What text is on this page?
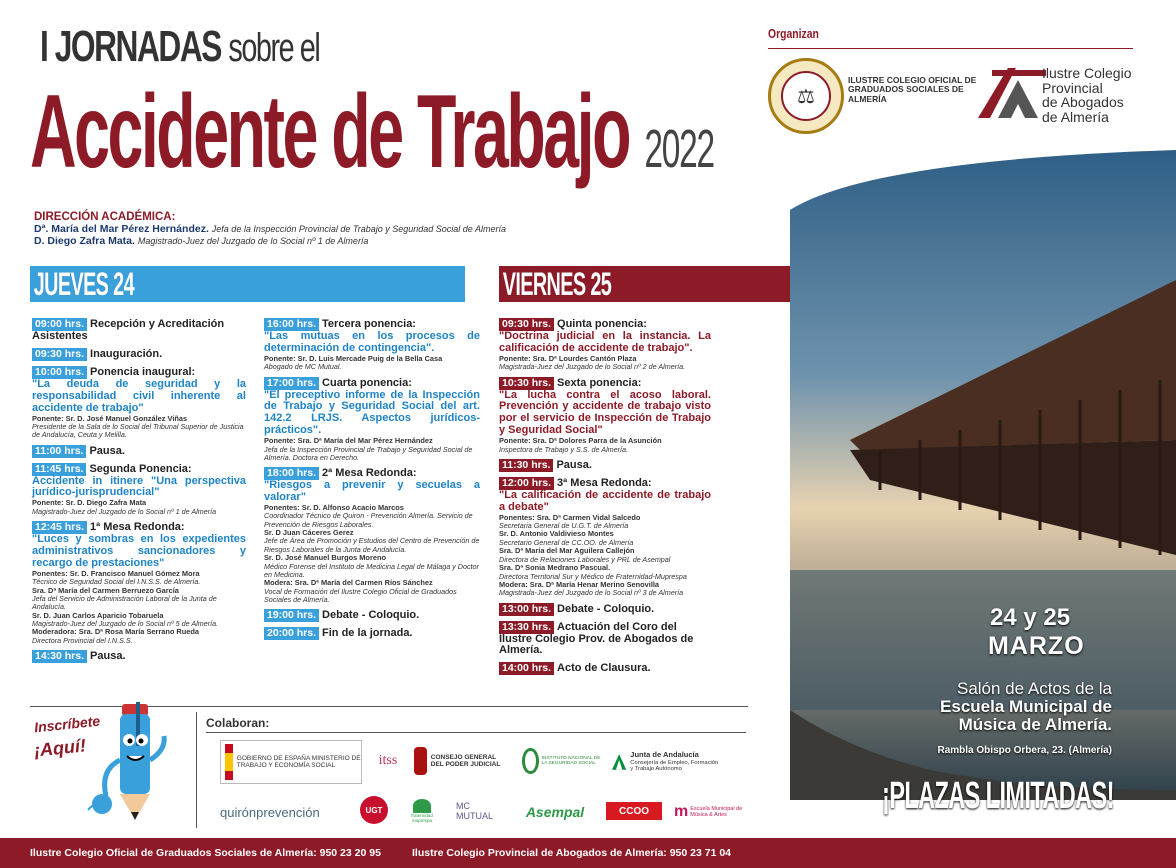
I JORNADAS sobre el
Accidente de Trabajo 2022
DIRECCIÓN ACADÉMICA:
Dª. María del Mar Pérez Hernández. Jefa de la Inspección Provincial de Trabajo y Seguridad Social de Almería
D. Diego Zafra Mata. Magistrado-Juez del Juzgado de lo Social nº 1 de Almería
Organizan
⚖
ILUSTRE COLEGIO OFICIAL DE GRADUADOS SOCIALES DE ALMERÍA
Ilustre Colegio
Provincial
de Abogados
de Almería
JUEVES 24	VIERNES 25
09:00 hrs. Recepción y Acreditación Asistentes
09:30 hrs. Inauguración.
10:00 hrs. Ponencia inaugural:
"La deuda de seguridad y la responsabilidad civil inherente al accidente de trabajo"
Ponente: Sr. D. José Manuel González Viñas
Presidente de la Sala de lo Social del Tribunal Superior de Justicia de Andalucía, Ceuta y Melilla.
11:00 hrs. Pausa.
11:45 hrs. Segunda Ponencia:
Accidente in itinere "Una perspectiva jurídico-jurisprudencial"
Ponente: Sr. D. Diego Zafra Mata
Magistrado-Juez del Juzgado de lo Social nº 1 de Almería
12:45 hrs. 1ª Mesa Redonda:
"Luces y sombras en los expedientes administrativos sancionadores y recargo de prestaciones"
Ponentes: Sr. D. Francisco Manuel Gómez Mora
Técnico de Seguridad Social del I.N.S.S. de Almería.
Sra. Dª María del Carmen Berruezo García
Jefa del Servicio de Administración Laboral de la Junta de Andalucía.
Sr. D. Juan Carlos Aparicio Tobaruela
Magistrado-Juez del Juzgado de lo Social nº 5 de Almería.
Moderadora: Sra. Dª Rosa María Serrano Rueda
Directora Provincial del I.N.S.S.
14:30 hrs. Pausa.
16:00 hrs. Tercera ponencia:
"Las mutuas en los procesos de determinación de contingencia".
Ponente: Sr. D. Luis Mercade Puig de la Bella Casa
Abogado de MC Mutual.
17:00 hrs. Cuarta ponencia:
"El preceptivo informe de la Inspección de Trabajo y Seguridad Social del art. 142.2 LRJS. Aspectos jurídicos-prácticos".
Ponente: Sra. Dª María del Mar Pérez Hernández
Jefa de la Inspección Provincial de Trabajo y Seguridad Social de Almería. Doctora en Derecho.
18:00 hrs. 2ª Mesa Redonda:
"Riesgos a prevenir y secuelas a valorar"
Ponentes: Sr. D. Alfonso Acacio Marcos
Coordinador Técnico de Quiron - Prevención Almería. Servicio de Prevención de Riesgos Laborales.
Sr. D Juan Cáceres Gerez
Jefe de Área de Promoción y Estudios del Centro de Prevención de Riesgos Laborales de la Junta de Andalucía.
Sr. D. José Manuel Burgos Moreno
Médico Forense del Instituto de Medicina Legal de Málaga y Doctor en Medicina.
Modera: Sra. Dª María del Carmen Ríos Sánchez
Vocal de Formación del Ilustre Colegio Oficial de Graduados Sociales de Almería.
19:00 hrs. Debate - Coloquio.
20:00 hrs. Fin de la jornada.
09:30 hrs. Quinta ponencia:
"Doctrina judicial en la instancia. La calificación de accidente de trabajo".
Ponente: Sra. Dª Lourdes Cantón Plaza
Magistrada-Juez del Juzgado de lo Social nº 2 de Almería.
10:30 hrs. Sexta ponencia:
"La lucha contra el acoso laboral. Prevención y accidente de trabajo visto por el servicio de Inspección de Trabajo y Seguridad Social"
Ponente: Sra. Dª Dolores Parra de la Asunción
Inspectora de Trabajo y S.S. de Almería.
11:30 hrs. Pausa.
12:00 hrs. 3ª Mesa Redonda:
"La calificación de accidente de trabajo a debate"
Ponentes: Sra. Dª Carmen Vidal Salcedo
Secretaria General de U.G.T. de Almería
Sr. D. Antonio Valdivieso Montes
Secretario General de CC.OO. de Almería
Sra. Dª María del Mar Aguilera Callejón
Directora de Relaciones Laborales y PRL de Asempal
Sra. Dª Sonia Medrano Pascual.
Directora Territorial Sur y Médico de Fraternidad-Muprespa
Modera: Sra. Dª María Henar Merino Senovilla
Magistrada-Juez del Juzgado de lo Social nº 3 de Almería
13:00 hrs. Debate - Coloquio.
13:30 hrs. Actuación del Coro del Ilustre Colegio Prov. de Abogados de Almería.
14:00 hrs. Acto de Clausura.
24 y 25
MARZO
Salón de Actos de la
Escuela Municipal de
Música de Almería.
Rambla Obispo Orbera, 23. (Almería)
¡PLAZAS LIMITADAS!
Inscríbete
¡Aquí!
Colaboran:
GOBIERNO DE ESPAÑA MINISTERIO DE TRABAJO Y ECONOMÍA SOCIAL	itss	CONSEJO GENERAL DEL PODER JUDICIAL
INSTITUTO NACIONAL DE LA SEGURIDAD SOCIAL
Junta de Andalucía
Consejería de Empleo, Formación y Trabajo Autónomo
quirónprevención	UGT
fraternidad muprespa
MC MUTUAL	Asempal	CCOO m Escuela Municipal de Música & Artes
Ilustre Colegio Oficial de Graduados Sociales de Almería: 950 23 20 95	Ilustre Colegio Provincial de Abogados de Almería: 950 23 71 04
